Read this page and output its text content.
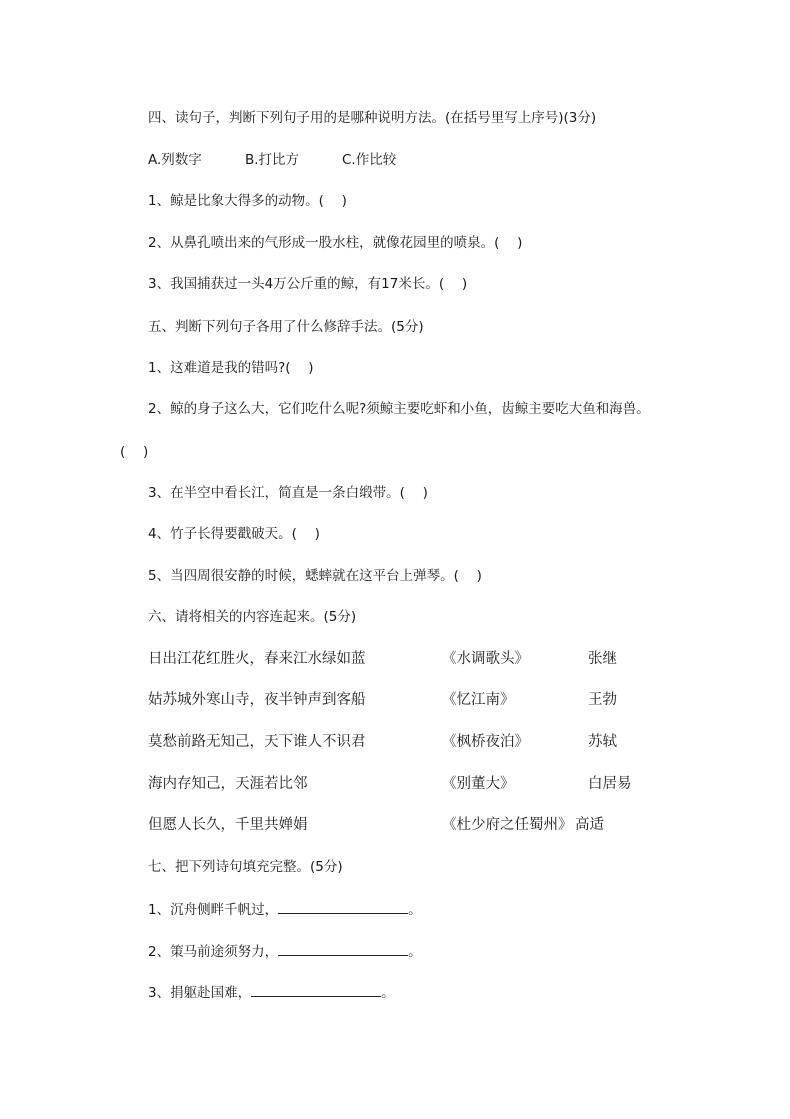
四、读句子，判断下列句子用的是哪种说明方法。(在括号里写上序号)(3分)
A.列数字	B.打比方	C.作比较
1、鲸是比象大得多的动物。(　 )
2、从鼻孔喷出来的气形成一股水柱，就像花园里的喷泉。(　 )
3、我国捕获过一头4万公斤重的鲸，有17米长。(　 )
五、判断下列句子各用了什么修辞手法。(5分)
1、这难道是我的错吗?(　 )
2、鲸的身子这么大，它们吃什么呢?须鲸主要吃虾和小鱼，齿鲸主要吃大鱼和海兽。
(　 )
3、在半空中看长江，简直是一条白缎带。(　 )
4、竹子长得要戳破天。(　 )
5、当四周很安静的时候，蟋蟀就在这平台上弹琴。(　 )
六、请将相关的内容连起来。(5分)
日出江花红胜火，春来江水绿如蓝	《水调歌头》	张继
姑苏城外寒山寺，夜半钟声到客船	《忆江南》	王勃
莫愁前路无知己，天下谁人不识君	《枫桥夜泊》	苏轼
海内存知己，天涯若比邻	《别董大》	白居易
但愿人长久，千里共婵娟	《杜少府之任蜀州》 高适
七、把下列诗句填充完整。(5分)
1、沉舟侧畔千帆过，	。
2、策马前途须努力，	。
3、捐躯赴国难，	。
